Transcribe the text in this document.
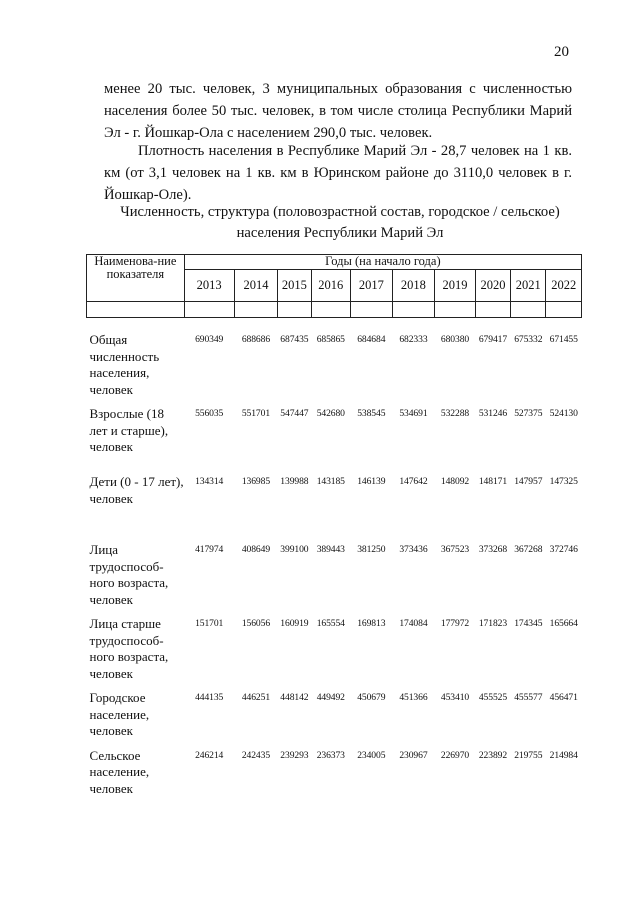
20

менее 20 тыс. человек, 3 муниципальных образования с численностью населения более 50 тыс. человек, в том числе столица Республики Марий Эл - г. Йошкар-Ола с населением 290,0 тыс. человек.

Плотность населения в Республике Марий Эл - 28,7 человек на 1 кв. км (от 3,1 человек на 1 кв. км в Юринском районе до 3110,0 человек в г. Йошкар-Оле).

Численность, структура (половозрастной состав, городское / сельское)
населения Республики Марий Эл
Наименова-ние показателя	Годы (на начало года)									
	2013	2014	2015	2016	2017	2018	2019	2020	2021	2022

Общая численность населения, человек	690349	688686	687435	685865	684684	682333	680380	679417	675332	671455
Взрослые (18 лет и старше), человек	556035	551701	547447	542680	538545	534691	532288	531246	527375	524130
Дети (0 - 17 лет), человек	134314	136985	139988	143185	146139	147642	148092	148171	147957	147325
Лица трудоспособ-ного возраста, человек	417974	408649	399100	389443	381250	373436	367523	373268	367268	372746
Лица старше трудоспособ-ного возраста, человек	151701	156056	160919	165554	169813	174084	177972	171823	174345	165664
Городское население, человек	444135	446251	448142	449492	450679	451366	453410	455525	455577	456471
Сельское население, человек	246214	242435	239293	236373	234005	230967	226970	223892	219755	214984
